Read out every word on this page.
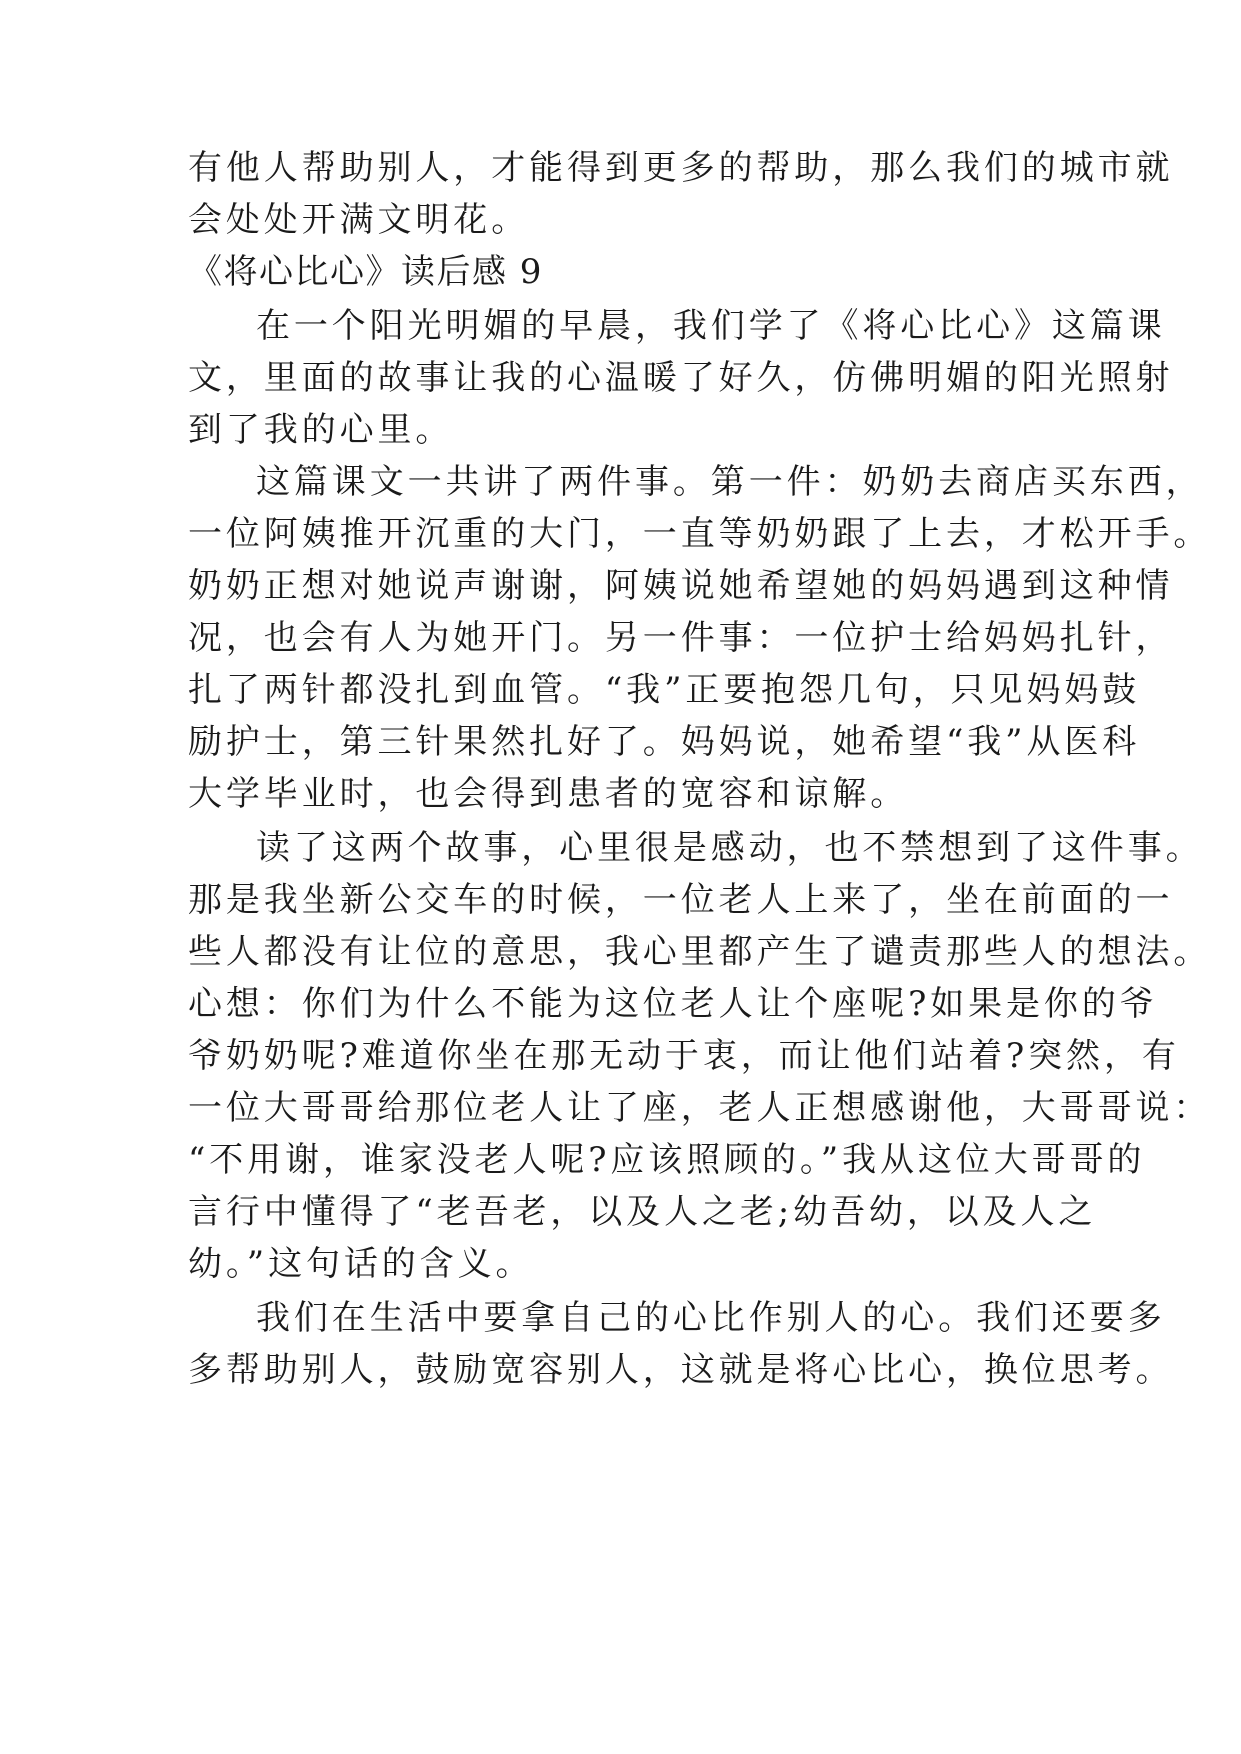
有他人帮助别人，才能得到更多的帮助，那么我们的城市就
会处处开满文明花。
《将心比心》读后感 9
在一个阳光明媚的早晨，我们学了《将心比心》这篇课
文，里面的故事让我的心温暖了好久，仿佛明媚的阳光照射
到了我的心里。
这篇课文一共讲了两件事。第一件：奶奶去商店买东西，
一位阿姨推开沉重的大门，一直等奶奶跟了上去，才松开手。
奶奶正想对她说声谢谢，阿姨说她希望她的妈妈遇到这种情
况，也会有人为她开门。另一件事：一位护士给妈妈扎针，
扎了两针都没扎到血管。“我”正要抱怨几句，只见妈妈鼓
励护士，第三针果然扎好了。妈妈说，她希望“我”从医科
大学毕业时，也会得到患者的宽容和谅解。
读了这两个故事，心里很是感动，也不禁想到了这件事。
那是我坐新公交车的时候，一位老人上来了，坐在前面的一
些人都没有让位的意思，我心里都产生了谴责那些人的想法。
心想：你们为什么不能为这位老人让个座呢?如果是你的爷
爷奶奶呢?难道你坐在那无动于衷，而让他们站着?突然，有
一位大哥哥给那位老人让了座，老人正想感谢他，大哥哥说：
“不用谢，谁家没老人呢?应该照顾的。”我从这位大哥哥的
言行中懂得了“老吾老，以及人之老;幼吾幼，以及人之
幼。”这句话的含义。
我们在生活中要拿自己的心比作别人的心。我们还要多
多帮助别人，鼓励宽容别人，这就是将心比心，换位思考。
